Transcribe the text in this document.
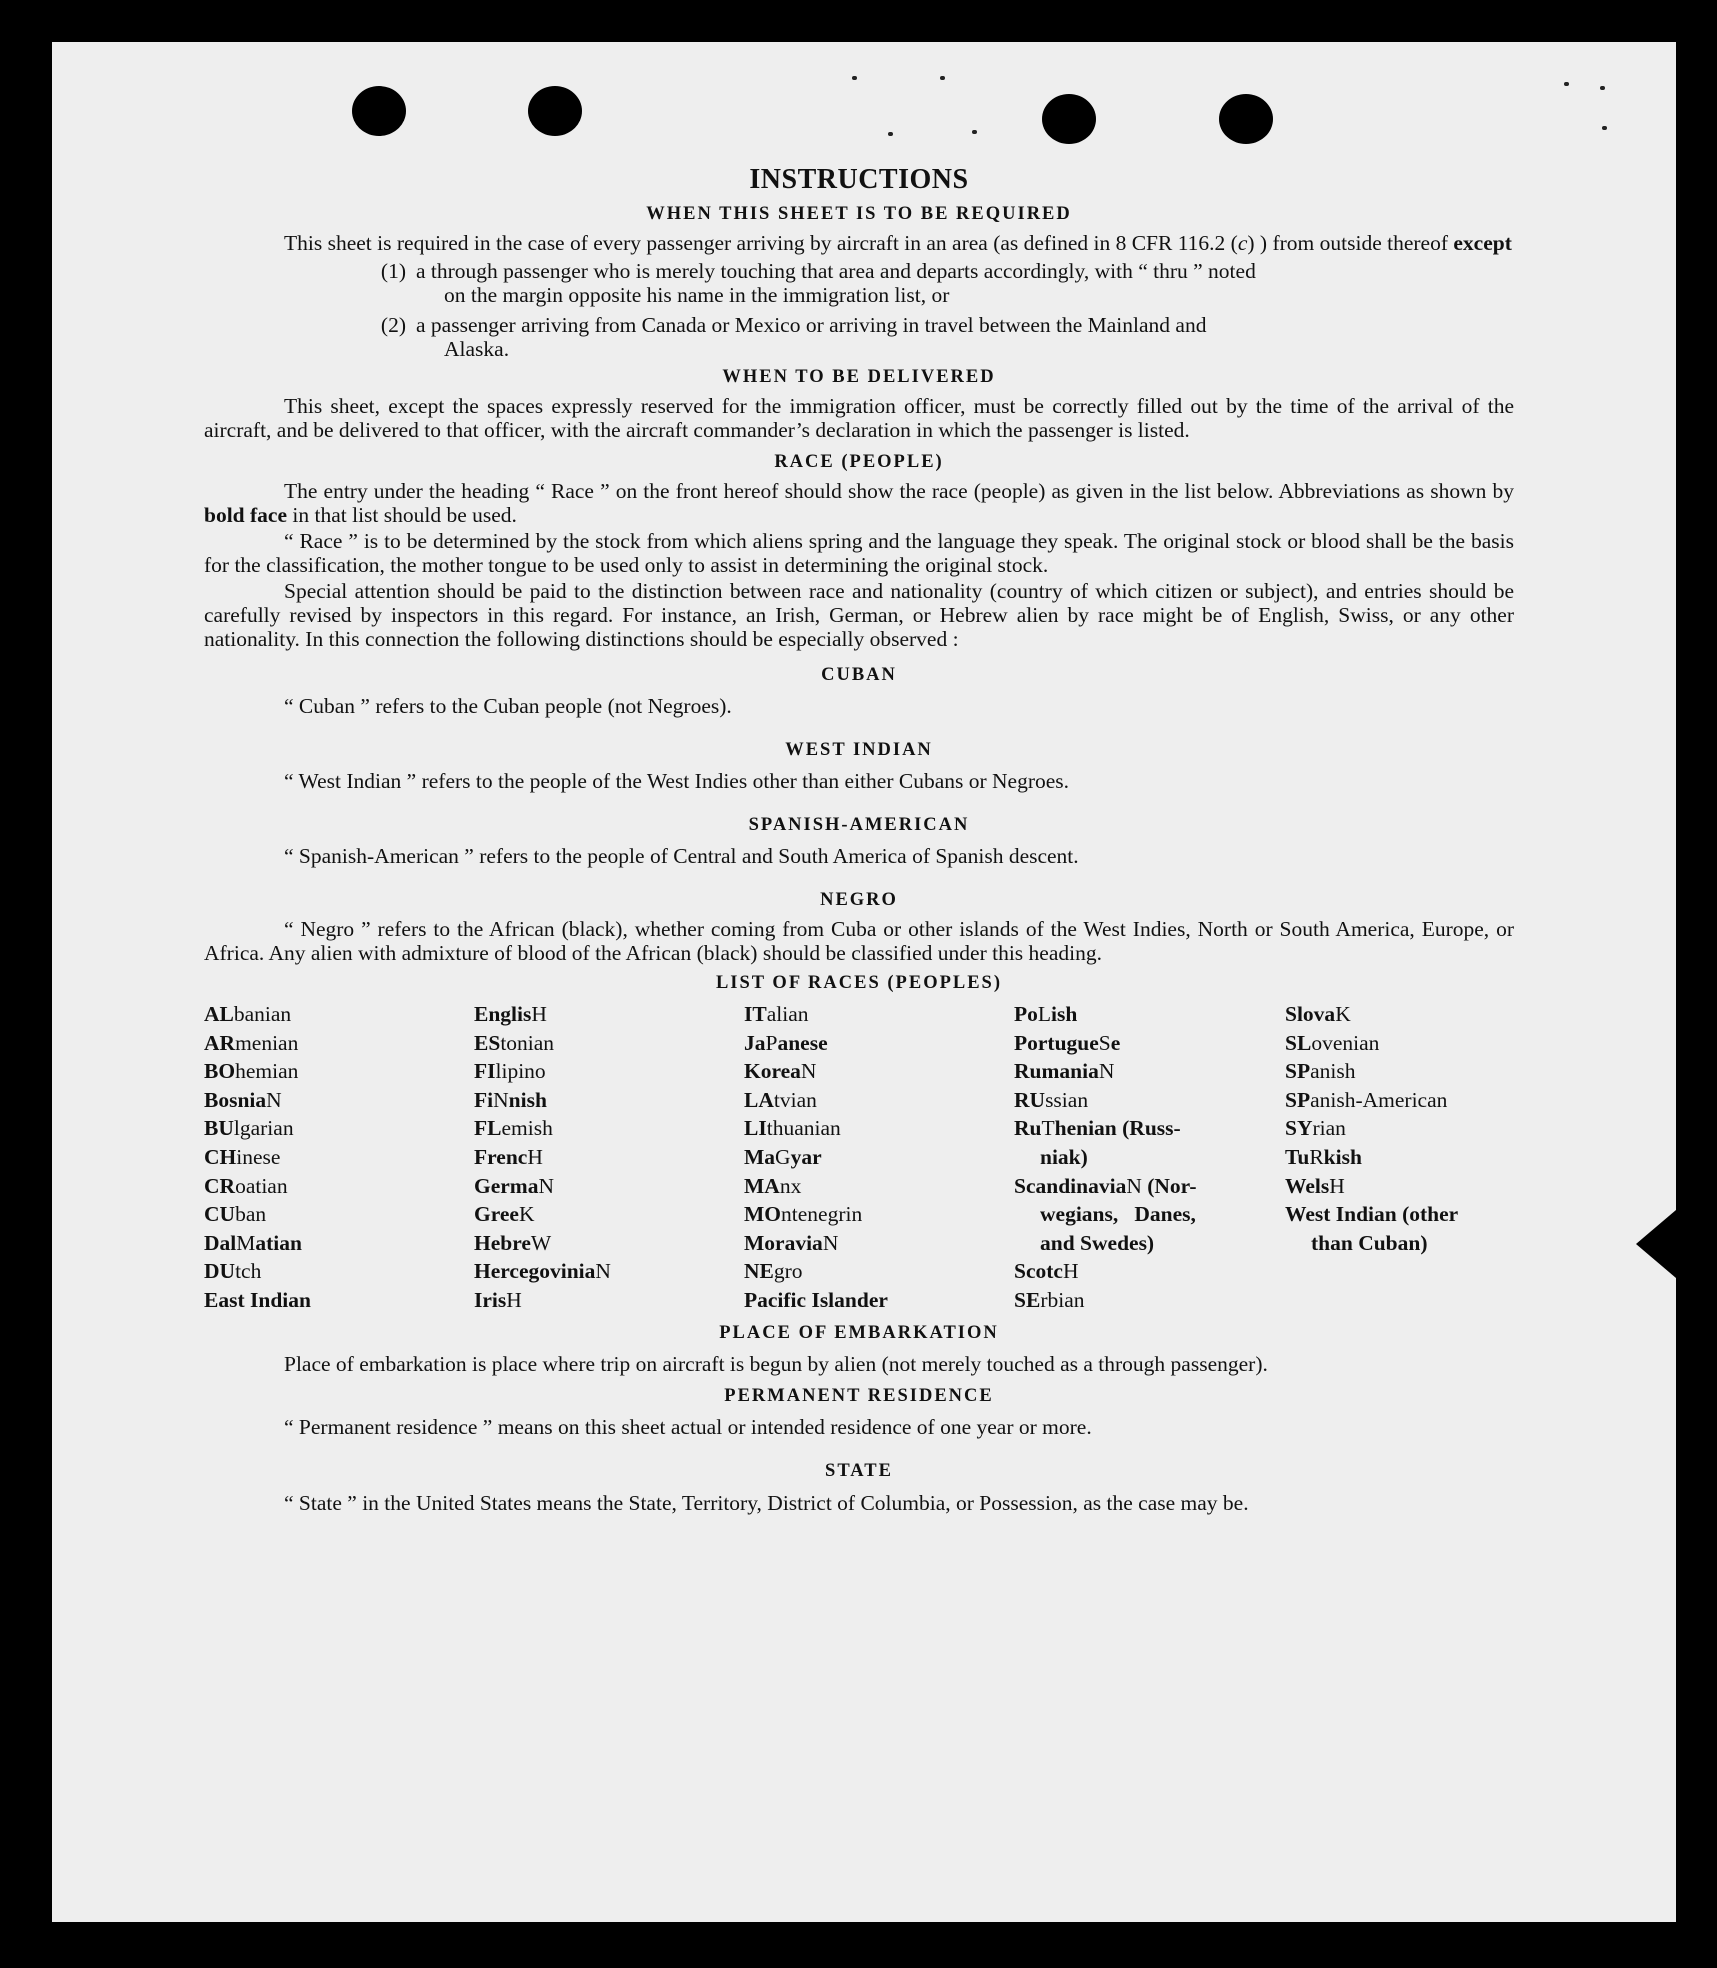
INSTRUCTIONS
WHEN THIS SHEET IS TO BE REQUIRED

This sheet is required in the case of every passenger arriving by aircraft in an area (as defined in 8 CFR 116.2 (c) ) from outside thereof except

(1) a through passenger who is merely touching that area and departs accordingly, with “ thru ” noted
on the margin opposite his name in the immigration list, or
(2) a passenger arriving from Canada or Mexico or arriving in travel between the Mainland and
Alaska.
WHEN TO BE DELIVERED

This sheet, except the spaces expressly reserved for the immigration officer, must be correctly filled out by the time of the arrival of the aircraft, and be delivered to that officer, with the aircraft commander’s declaration in which the passenger is listed.

RACE (PEOPLE)

The entry under the heading “ Race ” on the front hereof should show the race (people) as given in the list below. Abbreviations as shown by bold face in that list should be used.

“ Race ” is to be determined by the stock from which aliens spring and the language they speak. The original stock or blood shall be the basis for the classification, the mother tongue to be used only to assist in determining the original stock.

Special attention should be paid to the distinction between race and nationality (country of which citizen or subject), and entries should be carefully revised by inspectors in this regard. For instance, an Irish, German, or Hebrew alien by race might be of English, Swiss, or any other nationality. In this connection the following distinctions should be especially observed :

CUBAN
“ Cuban ” refers to the Cuban people (not Negroes).
WEST INDIAN
“ West Indian ” refers to the people of the West Indies other than either Cubans or Negroes.
SPANISH-AMERICAN
“ Spanish-American ” refers to the people of Central and South America of Spanish descent.
NEGRO

“ Negro ” refers to the African (black), whether coming from Cuba or other islands of the West Indies, North or South America, Europe, or Africa. Any alien with admixture of blood of the African (black) should be classified under this heading.

LIST OF RACES (PEOPLES)
ALbanian
ARmenian
BOhemian
BosniaN
BUlgarian
CHinese
CRoatian
CUban
DalMatian
DUtch
East Indian
EnglisH
EStonian
FIlipino
FiNnish
FLemish
FrencH
GermaN
GreeK
HebreW
HercegoviniaN
IrisH
ITalian
JaPanese
KoreaN
LAtvian
LIthuanian
MaGyar
MAnx
MOntenegrin
MoraviaN
NEgro
Pacific Islander
PoLish
PortugueSe
RumaniaN
RUssian
RuThenian (Russ-
niak)
ScandinaviaN (Nor-
wegians,   Danes,
and Swedes)
ScotcH
SErbian
SlovaK
SLovenian
SPanish
SPanish-American
SYrian
TuRkish
WelsH
West Indian (other
than Cuban)
PLACE OF EMBARKATION

Place of embarkation is place where trip on aircraft is begun by alien (not merely touched as a through passenger).

PERMANENT RESIDENCE
“ Permanent residence ” means on this sheet actual or intended residence of one year or more.
STATE

“ State ” in the United States means the State, Territory, District of Columbia, or Possession, as the case may be.
